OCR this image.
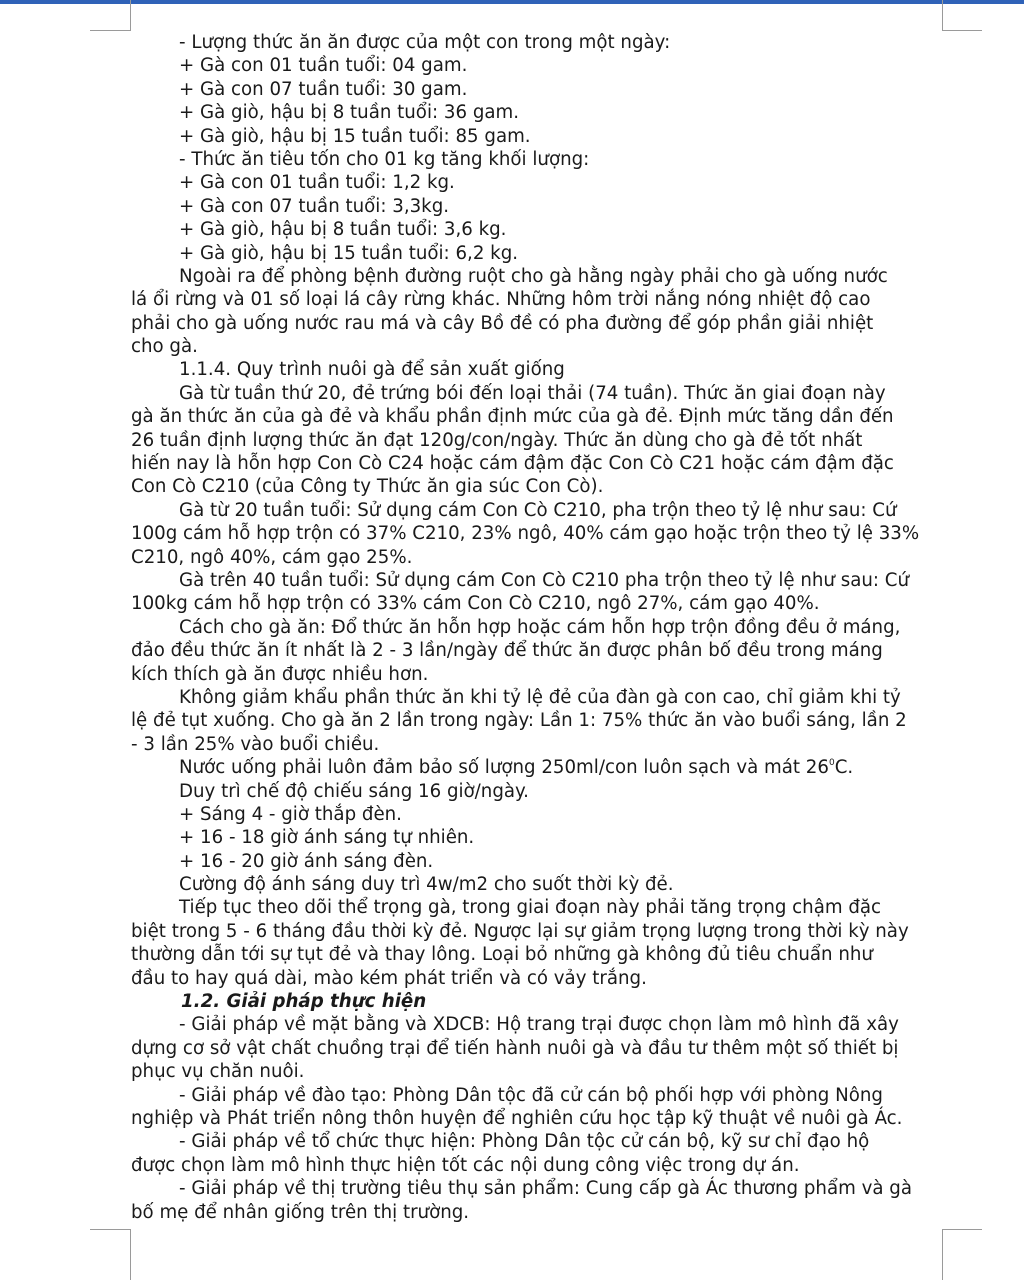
- Lượng thức ăn ăn được của một con trong một ngày:
+ Gà con 01 tuần tuổi: 04 gam.
+ Gà con 07 tuần tuổi: 30 gam.
+ Gà giò, hậu bị 8 tuần tuổi: 36 gam.
+ Gà giò, hậu bị 15 tuần tuổi: 85 gam.
- Thức ăn tiêu tốn cho 01 kg tăng khối lượng:
+ Gà con 01 tuần tuổi: 1,2 kg.
+ Gà con 07 tuần tuổi: 3,3kg.
+ Gà giò, hậu bị 8 tuần tuổi: 3,6 kg.
+ Gà giò, hậu bị 15 tuần tuổi: 6,2 kg.
Ngoài ra để phòng bệnh đường ruột cho gà hằng ngày phải cho gà uống nước
lá ổi rừng và 01 số loại lá cây rừng khác. Những hôm trời nắng nóng nhiệt độ cao
phải cho gà uống nước rau má và cây Bồ đề có pha đường để góp phần giải nhiệt
cho gà.
1.1.4. Quy trình nuôi gà để sản xuất giống
Gà từ tuần thứ 20, đẻ trứng bói đến loại thải (74 tuần). Thức ăn giai đoạn này
gà ăn thức ăn của gà đẻ và khẩu phần định mức của gà đẻ. Định mức tăng dần đến
26 tuần định lượng thức ăn đạt 120g/con/ngày. Thức ăn dùng cho gà đẻ tốt nhất
hiến nay là hỗn hợp Con Cò C24 hoặc cám đậm đặc Con Cò C21 hoặc cám đậm đặc
Con Cò C210 (của Công ty Thức ăn gia súc Con Cò).
Gà từ 20 tuần tuổi: Sử dụng cám Con Cò C210, pha trộn theo tỷ lệ như sau: Cứ
100g cám hỗ hợp trộn có 37% C210, 23% ngô, 40% cám gạo hoặc trộn theo tỷ lệ 33%
C210, ngô 40%, cám gạo 25%.
Gà trên 40 tuần tuổi: Sử dụng cám Con Cò C210 pha trộn theo tỷ lệ như sau: Cứ
100kg cám hỗ hợp trộn có 33% cám Con Cò C210, ngô 27%, cám gạo 40%.
Cách cho gà ăn: Đổ thức ăn hỗn hợp hoặc cám hỗn hợp trộn đồng đều ở máng,
đảo đều thức ăn ít nhất là 2 - 3 lần/ngày để thức ăn được phân bố đều trong máng
kích thích gà ăn được nhiều hơn.
Không giảm khẩu phần thức ăn khi tỷ lệ đẻ của đàn gà con cao, chỉ giảm khi tỷ
lệ đẻ tụt xuống. Cho gà ăn 2 lần trong ngày: Lần 1: 75% thức ăn vào buổi sáng, lần 2
- 3 lần 25% vào buổi chiều.
Nước uống phải luôn đảm bảo số lượng 250ml/con luôn sạch và mát $26^0C$.
Duy trì chế độ chiếu sáng 16 giờ/ngày.
+ Sáng 4 - giờ thắp đèn.
+ 16 - 18 giờ ánh sáng tự nhiên.
+ 16 - 20 giờ ánh sáng đèn.
Cường độ ánh sáng duy trì 4w/m2 cho suốt thời kỳ đẻ.
Tiếp tục theo dõi thể trọng gà, trong giai đoạn này phải tăng trọng chậm đặc
biệt trong 5 - 6 tháng đầu thời kỳ đẻ. Ngược lại sự giảm trọng lượng trong thời kỳ này
thường dẫn tới sự tụt đẻ và thay lông. Loại bỏ những gà không đủ tiêu chuẩn như
đầu to hay quá dài, mào kém phát triển và có vảy trắng.
1.2. Giải pháp thực hiện
- Giải pháp về mặt bằng và XDCB: Hộ trang trại được chọn làm mô hình đã xây
dựng cơ sở vật chất chuồng trại để tiến hành nuôi gà và đầu tư thêm một số thiết bị
phục vụ chăn nuôi.
- Giải pháp về đào tạo: Phòng Dân tộc đã cử cán bộ phối hợp với phòng Nông
nghiệp và Phát triển nông thôn huyện để nghiên cứu học tập kỹ thuật về nuôi gà Ác.
- Giải pháp về tổ chức thực hiện: Phòng Dân tộc cử cán bộ, kỹ sư chỉ đạo hộ
được chọn làm mô hình thực hiện tốt các nội dung công việc trong dự án.
- Giải pháp về thị trường tiêu thụ sản phẩm: Cung cấp gà Ác thương phẩm và gà
bố mẹ để nhân giống trên thị trường.
